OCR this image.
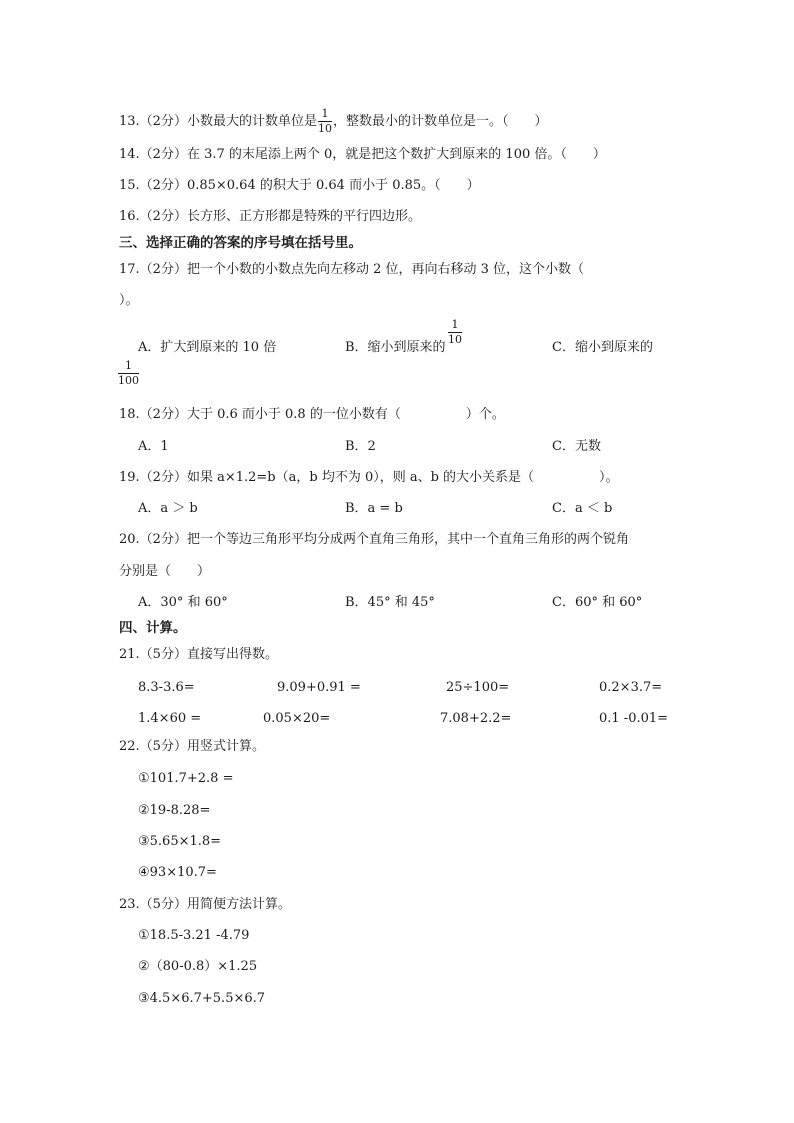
13.（2分）小数最大的计数单位是 $\frac{1}{10}$ ，整数最小的计数单位是一。（　　）
14.（2分）在 3.7 的末尾添上两个 0，就是把这个数扩大到原来的 100 倍。（　　）
15.（2分）0.85×0.64 的积大于 0.64 而小于 0.85。（　　）
16.（2分）长方形、正方形都是特殊的平行四边形。
三、选择正确的答案的序号填在括号里。
17.（2分）把一个小数的小数点先向左移动 2 位，再向右移动 3 位，这个小数（
）。
A．扩大到原来的 10 倍	B．缩小到原来的
$\frac{1}{10}$
C．缩小到原来的
$\frac{1}{100}$
18.（2分）大于 0.6 而小于 0.8 的一位小数有（　　　　　）个。
A．1	B．2	C．无数
19.（2分）如果 a×1.2=b（a，b 均不为 0），则 a、b 的大小关系是（　　　　　）。
A．a ＞ b	B．a = b	C．a ＜ b
20.（2分）把一个等边三角形平均分成两个直角三角形，其中一个直角三角形的两个锐角
分别是（　　）
A．30° 和 60°	B．45° 和 45°	C．60° 和 60°
四、计算。
21.（5分）直接写出得数。
8.3-3.6=	9.09+0.91 =	25÷100=	0.2×3.7=
1.4×60 =	0.05×20=	7.08+2.2=	0.1 -0.01=
22.（5分）用竖式计算。
①101.7+2.8 =
②19-8.28=
③5.65×1.8=
④93×10.7=
23.（5分）用简便方法计算。
①18.5-3.21 -4.79
②（80-0.8）×1.25
③4.5×6.7+5.5×6.7
